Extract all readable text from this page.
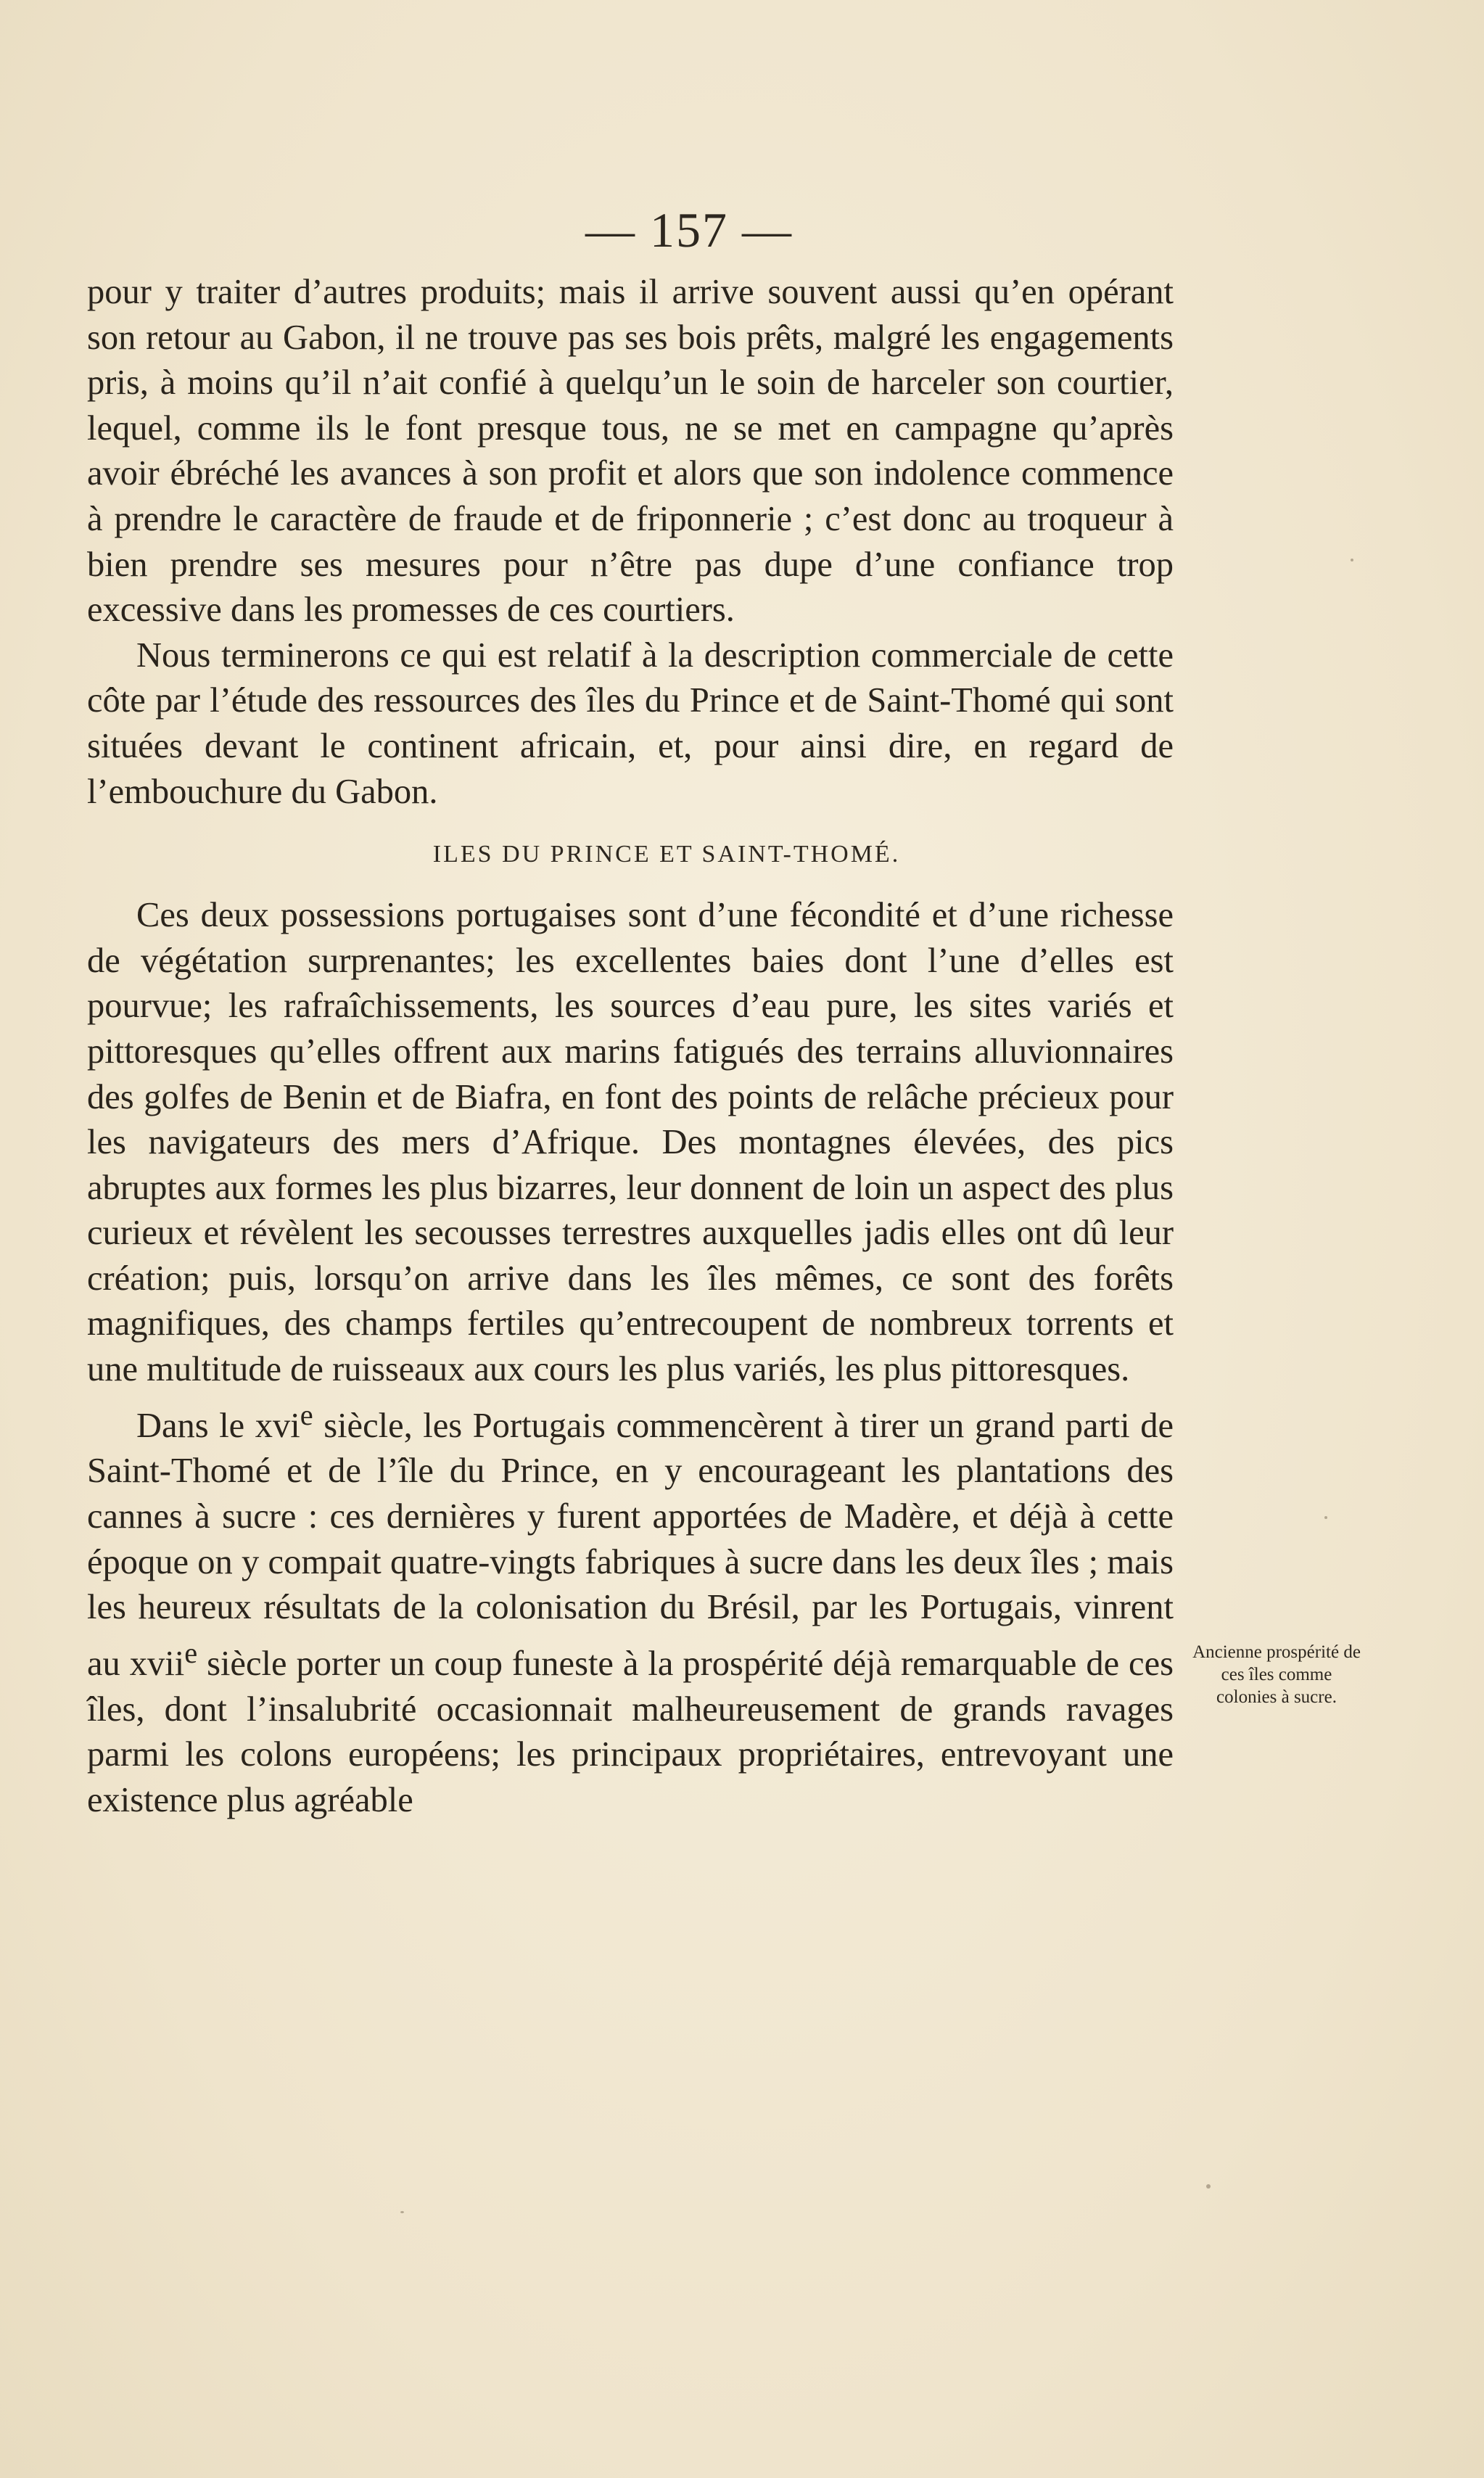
— 157 —

pour y traiter d’autres produits; mais il arrive souvent aussi qu’en opérant son retour au Gabon, il ne trouve pas ses bois prêts, malgré les engagements pris, à moins qu’il n’ait confié à quelqu’un le soin de harceler son courtier, lequel, comme ils le font presque tous, ne se met en campagne qu’après avoir ébréché les avances à son profit et alors que son indolence commence à prendre le caractère de fraude et de friponnerie ; c’est donc au troqueur à bien prendre ses mesures pour n’être pas dupe d’une confiance trop excessive dans les promesses de ces courtiers.

Nous terminerons ce qui est relatif à la description commerciale de cette côte par l’étude des ressources des îles du Prince et de Saint-Thomé qui sont situées devant le continent africain, et, pour ainsi dire, en regard de l’embouchure du Gabon.

ILES DU PRINCE ET SAINT-THOMÉ.

Ces deux possessions portugaises sont d’une fécondité et d’une richesse de végétation surprenantes; les excellentes baies dont l’une d’elles est pourvue; les rafraîchissements, les sources d’eau pure, les sites variés et pittoresques qu’elles offrent aux marins fatigués des terrains alluvionnaires des golfes de Benin et de Biafra, en font des points de relâche précieux pour les navigateurs des mers d’Afrique. Des montagnes élevées, des pics abruptes aux formes les plus bizarres, leur donnent de loin un aspect des plus curieux et révèlent les secousses terrestres auxquelles jadis elles ont dû leur création; puis, lorsqu’on arrive dans les îles mêmes, ce sont des forêts magnifiques, des champs fertiles qu’entrecoupent de nombreux torrents et une multitude de ruisseaux aux cours les plus variés, les plus pittoresques.

Dans le xvi$^e$ siècle, les Portugais commencèrent à tirer un grand parti de Saint-Thomé et de l’île du Prince, en y encourageant les plantations des cannes à sucre : ces dernières y furent apportées de Madère, et déjà à cette époque on y compait quatre-vingts fabriques à sucre dans les deux îles ; mais les heureux résultats de la colonisation du Brésil, par les Portugais, vinrent au xvii$^e$ siècle porter un coup funeste à la prospérité déjà remarquable de ces îles, dont l’insalubrité occasionnait malheureusement de grands ravages parmi les colons européens; les principaux propriétaires, entrevoyant une existence plus agréable

Ancienne prospérité de ces îles comme colonies à sucre.
